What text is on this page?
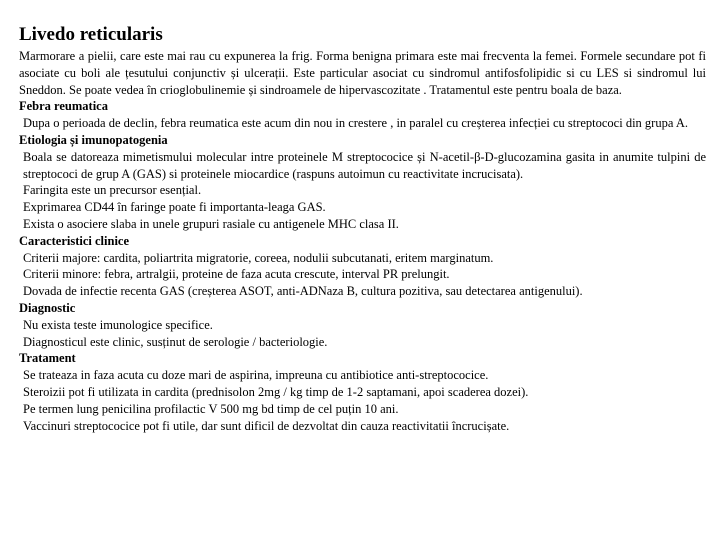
Livedo reticularis

Marmorare a pielii, care este mai rau cu expunerea la frig. Forma benigna primara este mai frecventa la femei. Formele secundare pot fi asociate cu boli ale țesutului conjunctiv și ulcerații. Este particular asociat cu sindromul antifosfolipidic si cu LES si sindromul lui Sneddon. Se poate vedea în crioglobulinemie și sindroamele de hipervascozitate . Tratamentul este pentru boala de baza.

Febra reumatica

Dupa o perioada de declin, febra reumatica este acum din nou in crestere , in paralel cu creșterea infecției cu streptococi din grupa A.

Etiologia și imunopatogenia

Boala se datoreaza mimetismului molecular intre proteinele M streptococice și N-acetil-β-D-glucozamina gasita in anumite tulpini de streptococi de grup A (GAS) si proteinele miocardice (raspuns autoimun cu reactivitate incrucisata).

Faringita este un precursor esențial.

Exprimarea CD44 în faringe poate fi importanta-leaga GAS.

Exista o asociere slaba in unele grupuri rasiale cu antigenele MHC clasa II.

Caracteristici clinice

Criterii majore: cardita, poliartrita migratorie, coreea, nodulii subcutanati, eritem marginatum.

Criterii minore: febra, artralgii, proteine de faza acuta crescute, interval PR prelungit.

Dovada de infectie recenta GAS (creșterea ASOT, anti-ADNaza B, cultura pozitiva, sau detectarea antigenului).

Diagnostic

Nu exista teste imunologice specifice.

Diagnosticul este clinic, susținut de serologie / bacteriologie.

Tratament

Se trateaza in faza acuta cu doze mari de aspirina, impreuna cu antibiotice anti-streptococice.

Steroizii pot fi utilizata in cardita (prednisolon 2mg / kg timp de 1-2 saptamani, apoi scaderea dozei).

Pe termen lung penicilina profilactic V 500 mg bd timp de cel puțin 10 ani.

Vaccinuri streptococice pot fi utile, dar sunt dificil de dezvoltat din cauza reactivitatii încrucișate.
